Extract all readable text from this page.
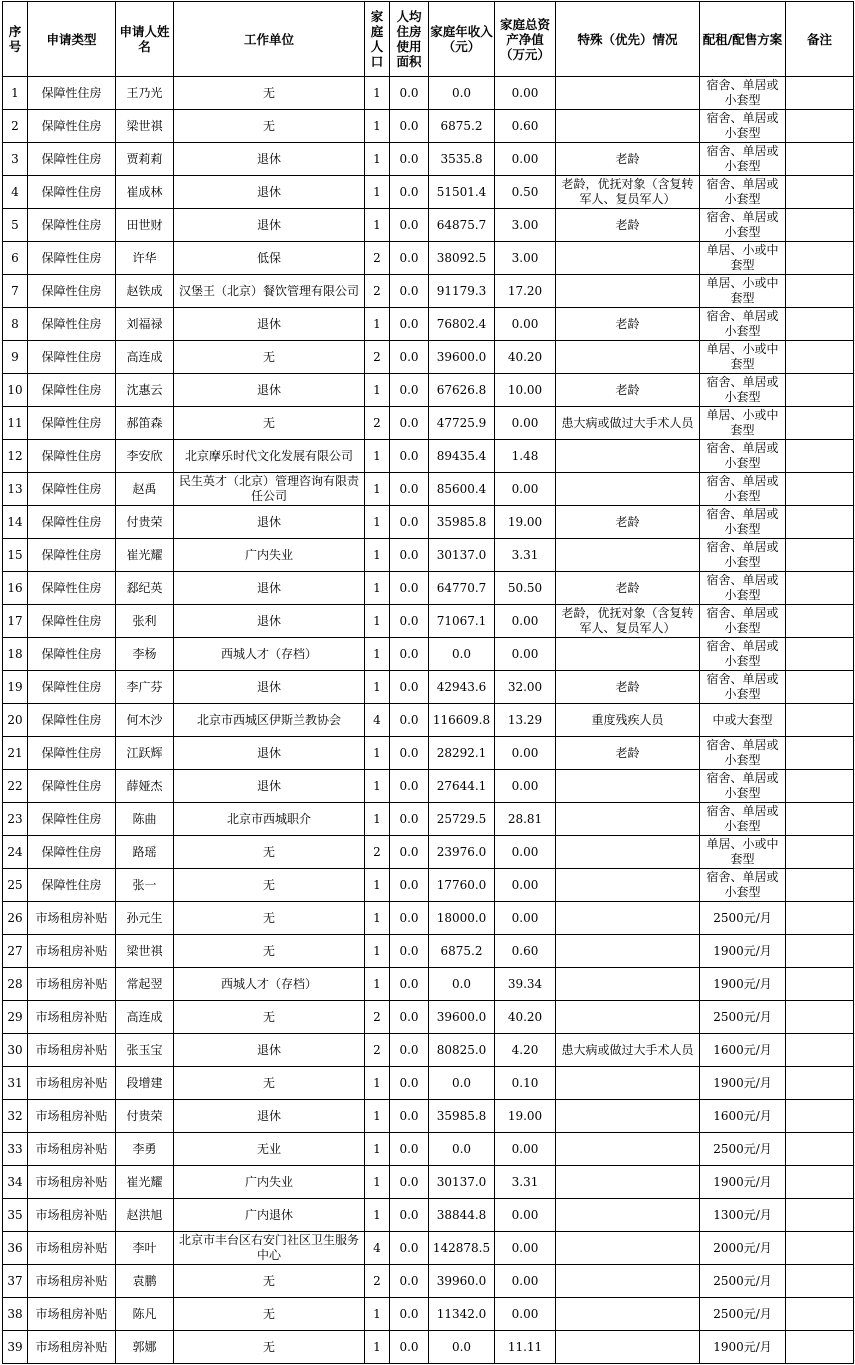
序号	申请类型	申请人姓名	工作单位	家庭人口	人均住房使用面积	家庭年收入（元）	家庭总资产净值（万元）	特殊（优先）情况	配租/配售方案	备注
1	保障性住房	王乃光	无	1	0.0	0.0	0.00		宿舍、单居或小套型	
2	保障性住房	梁世祺	无	1	0.0	6875.2	0.60		宿舍、单居或小套型	
3	保障性住房	贾莉莉	退休	1	0.0	3535.8	0.00	老龄	宿舍、单居或小套型	
4	保障性住房	崔成林	退休	1	0.0	51501.4	0.50	老龄，优抚对象（含复转军人、复员军人）	宿舍、单居或小套型	
5	保障性住房	田世财	退休	1	0.0	64875.7	3.00	老龄	宿舍、单居或小套型	
6	保障性住房	许华	低保	2	0.0	38092.5	3.00		单居、小或中套型	
7	保障性住房	赵铁成	汉堡王（北京）餐饮管理有限公司	2	0.0	91179.3	17.20		单居、小或中套型	
8	保障性住房	刘福禄	退休	1	0.0	76802.4	0.00	老龄	宿舍、单居或小套型	
9	保障性住房	高连成	无	2	0.0	39600.0	40.20		单居、小或中套型	
10	保障性住房	沈惠云	退休	1	0.0	67626.8	10.00	老龄	宿舍、单居或小套型	
11	保障性住房	郝笛森	无	2	0.0	47725.9	0.00	患大病或做过大手术人员	单居、小或中套型	
12	保障性住房	李安欣	北京摩乐时代文化发展有限公司	1	0.0	89435.4	1.48		宿舍、单居或小套型	
13	保障性住房	赵禹	民生英才（北京）管理咨询有限责任公司	1	0.0	85600.4	0.00		宿舍、单居或小套型	
14	保障性住房	付贵荣	退休	1	0.0	35985.8	19.00	老龄	宿舍、单居或小套型	
15	保障性住房	崔光耀	广内失业	1	0.0	30137.0	3.31		宿舍、单居或小套型	
16	保障性住房	郄纪英	退休	1	0.0	64770.7	50.50	老龄	宿舍、单居或小套型	
17	保障性住房	张利	退休	1	0.0	71067.1	0.00	老龄，优抚对象（含复转军人、复员军人）	宿舍、单居或小套型	
18	保障性住房	李杨	西城人才（存档）	1	0.0	0.0	0.00		宿舍、单居或小套型	
19	保障性住房	李广芬	退休	1	0.0	42943.6	32.00	老龄	宿舍、单居或小套型	
20	保障性住房	何木沙	北京市西城区伊斯兰教协会	4	0.0	116609.8	13.29	重度残疾人员	中或大套型	
21	保障性住房	江跃辉	退休	1	0.0	28292.1	0.00	老龄	宿舍、单居或小套型	
22	保障性住房	薛娅杰	退休	1	0.0	27644.1	0.00		宿舍、单居或小套型	
23	保障性住房	陈曲	北京市西城职介	1	0.0	25729.5	28.81		宿舍、单居或小套型	
24	保障性住房	路瑶	无	2	0.0	23976.0	0.00		单居、小或中套型	
25	保障性住房	张一	无	1	0.0	17760.0	0.00		宿舍、单居或小套型	
26	市场租房补贴	孙元生	无	1	0.0	18000.0	0.00		2500元/月	
27	市场租房补贴	梁世祺	无	1	0.0	6875.2	0.60		1900元/月	
28	市场租房补贴	常起翌	西城人才（存档）	1	0.0	0.0	39.34		1900元/月	
29	市场租房补贴	高连成	无	2	0.0	39600.0	40.20		2500元/月	
30	市场租房补贴	张玉宝	退休	2	0.0	80825.0	4.20	患大病或做过大手术人员	1600元/月	
31	市场租房补贴	段增建	无	1	0.0	0.0	0.10		1900元/月	
32	市场租房补贴	付贵荣	退休	1	0.0	35985.8	19.00		1600元/月	
33	市场租房补贴	李勇	无业	1	0.0	0.0	0.00		2500元/月	
34	市场租房补贴	崔光耀	广内失业	1	0.0	30137.0	3.31		1900元/月	
35	市场租房补贴	赵洪旭	广内退休	1	0.0	38844.8	0.00		1300元/月	
36	市场租房补贴	李叶	北京市丰台区右安门社区卫生服务中心	4	0.0	142878.5	0.00		2000元/月	
37	市场租房补贴	袁鹏	无	2	0.0	39960.0	0.00		2500元/月	
38	市场租房补贴	陈凡	无	1	0.0	11342.0	0.00		2500元/月	
39	市场租房补贴	郭娜	无	1	0.0	0.0	11.11		1900元/月	
